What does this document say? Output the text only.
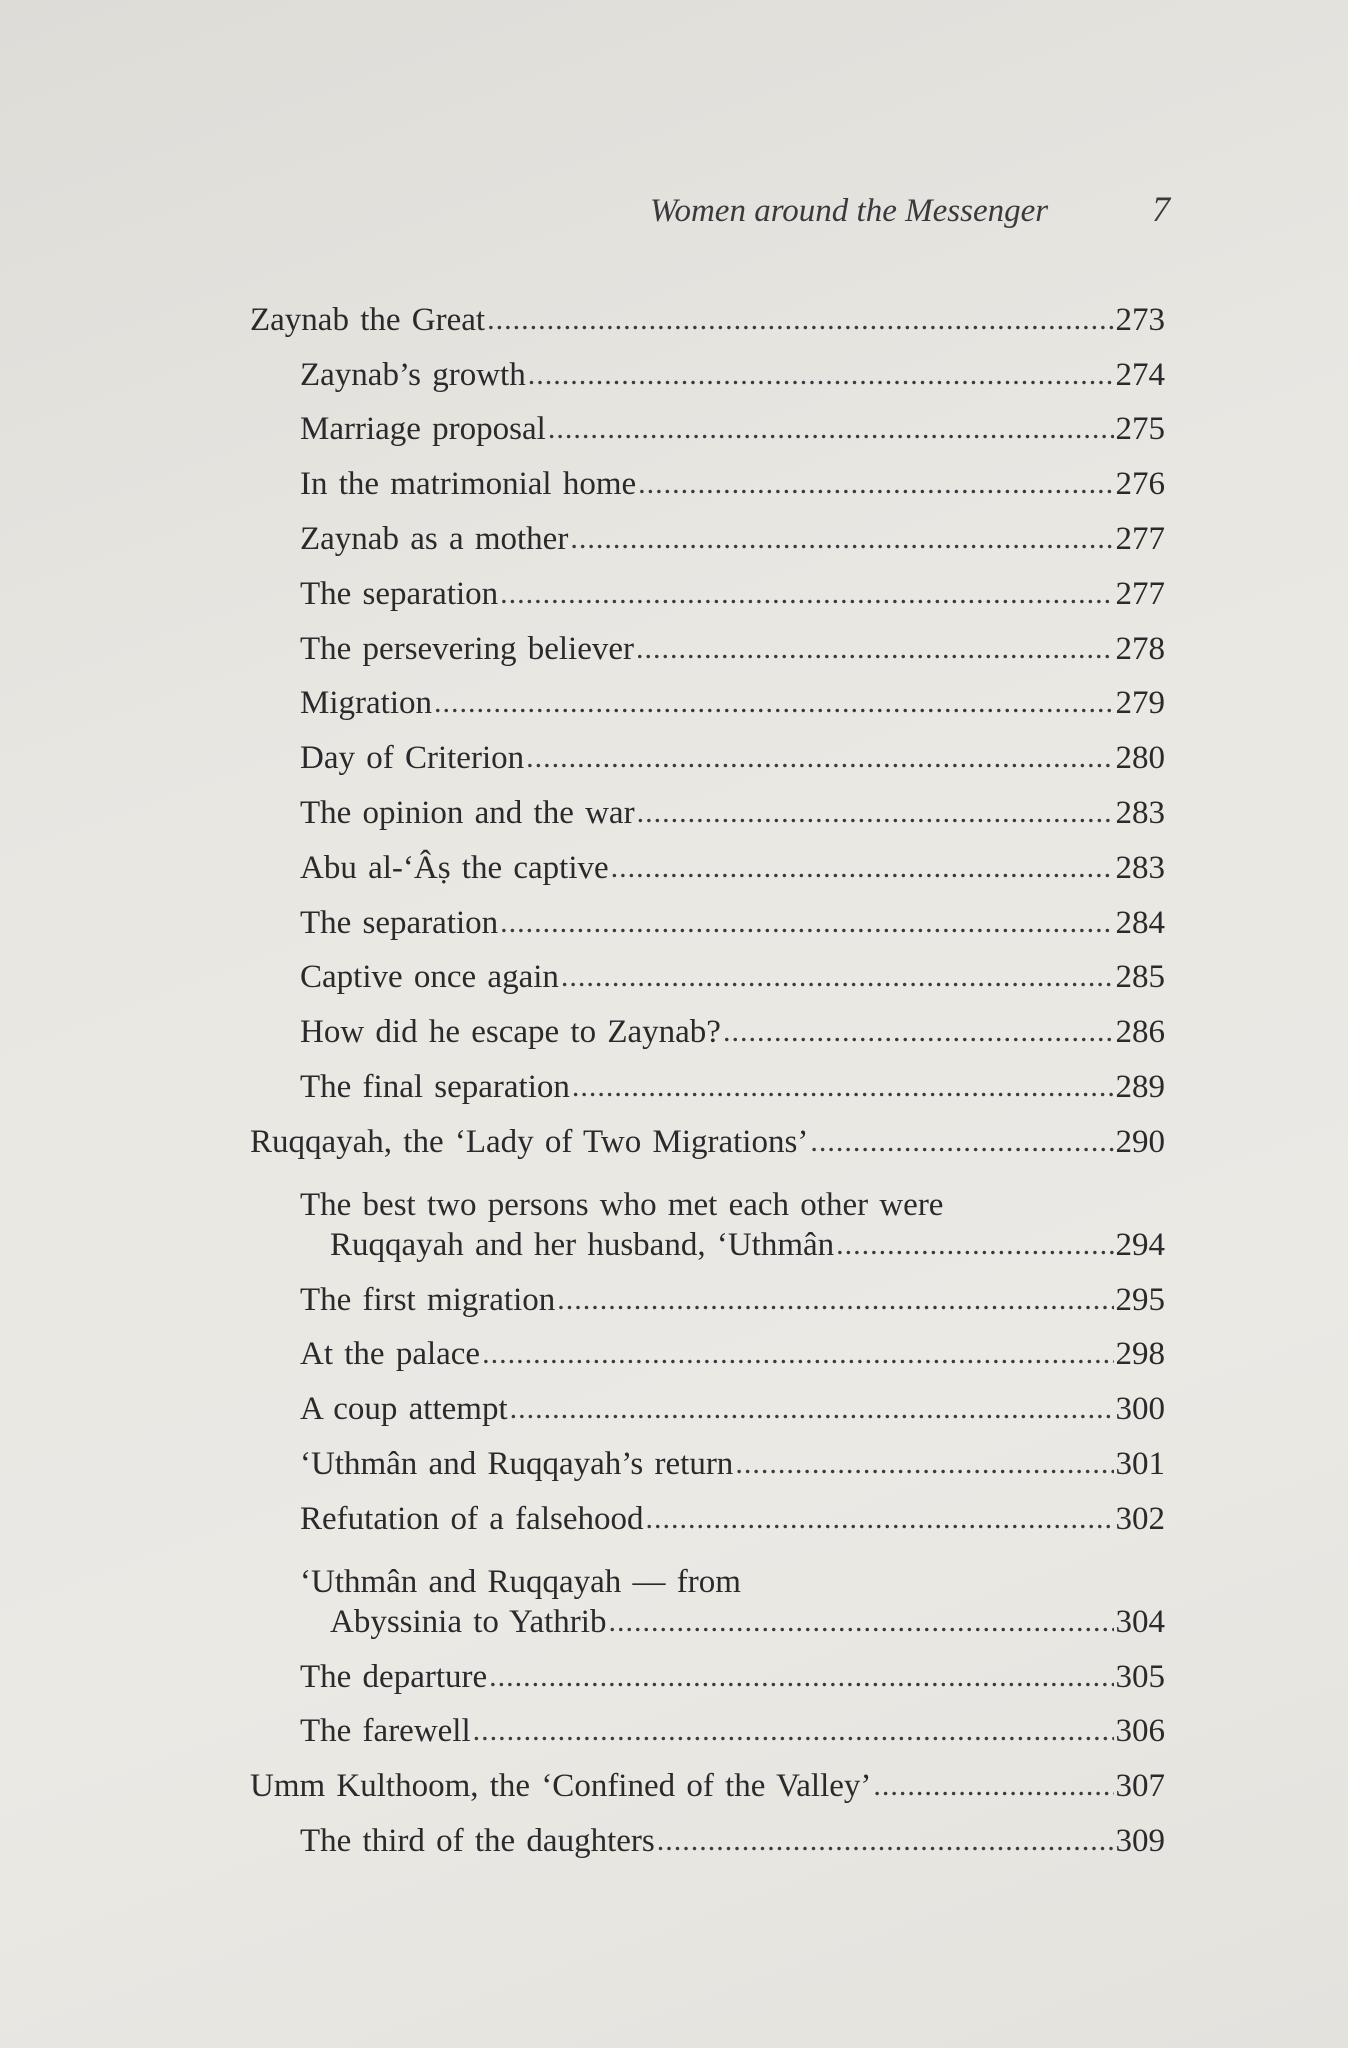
Women around the Messenger	7
Zaynab the Great .....	273
Zaynab’s growth .....	274
Marriage proposal .....	275
In the matrimonial home .....	276
Zaynab as a mother .....	277
The separation .....	277
The persevering believer .....	278
Migration .....	279
Day of Criterion .....	280
The opinion and the war .....	283
Abu al-‘Âṣ the captive .....	283
The separation .....	284
Captive once again .....	285
How did he escape to Zaynab? .....	286
The final separation .....	289
Ruqqayah, the ‘Lady of Two Migrations’ .....	290
The best two persons who met each other were
Ruqqayah and her husband, ‘Uthmân .....	294
The first migration .....	295
At the palace .....	298
A coup attempt .....	300
‘Uthmân and Ruqqayah’s return .....	301
Refutation of a falsehood .....	302
‘Uthmân and Ruqqayah — from
Abyssinia to Yathrib .....	304
The departure .....	305
The farewell .....	306
Umm Kulthoom, the ‘Confined of the Valley’ .....	307
The third of the daughters .....	309
